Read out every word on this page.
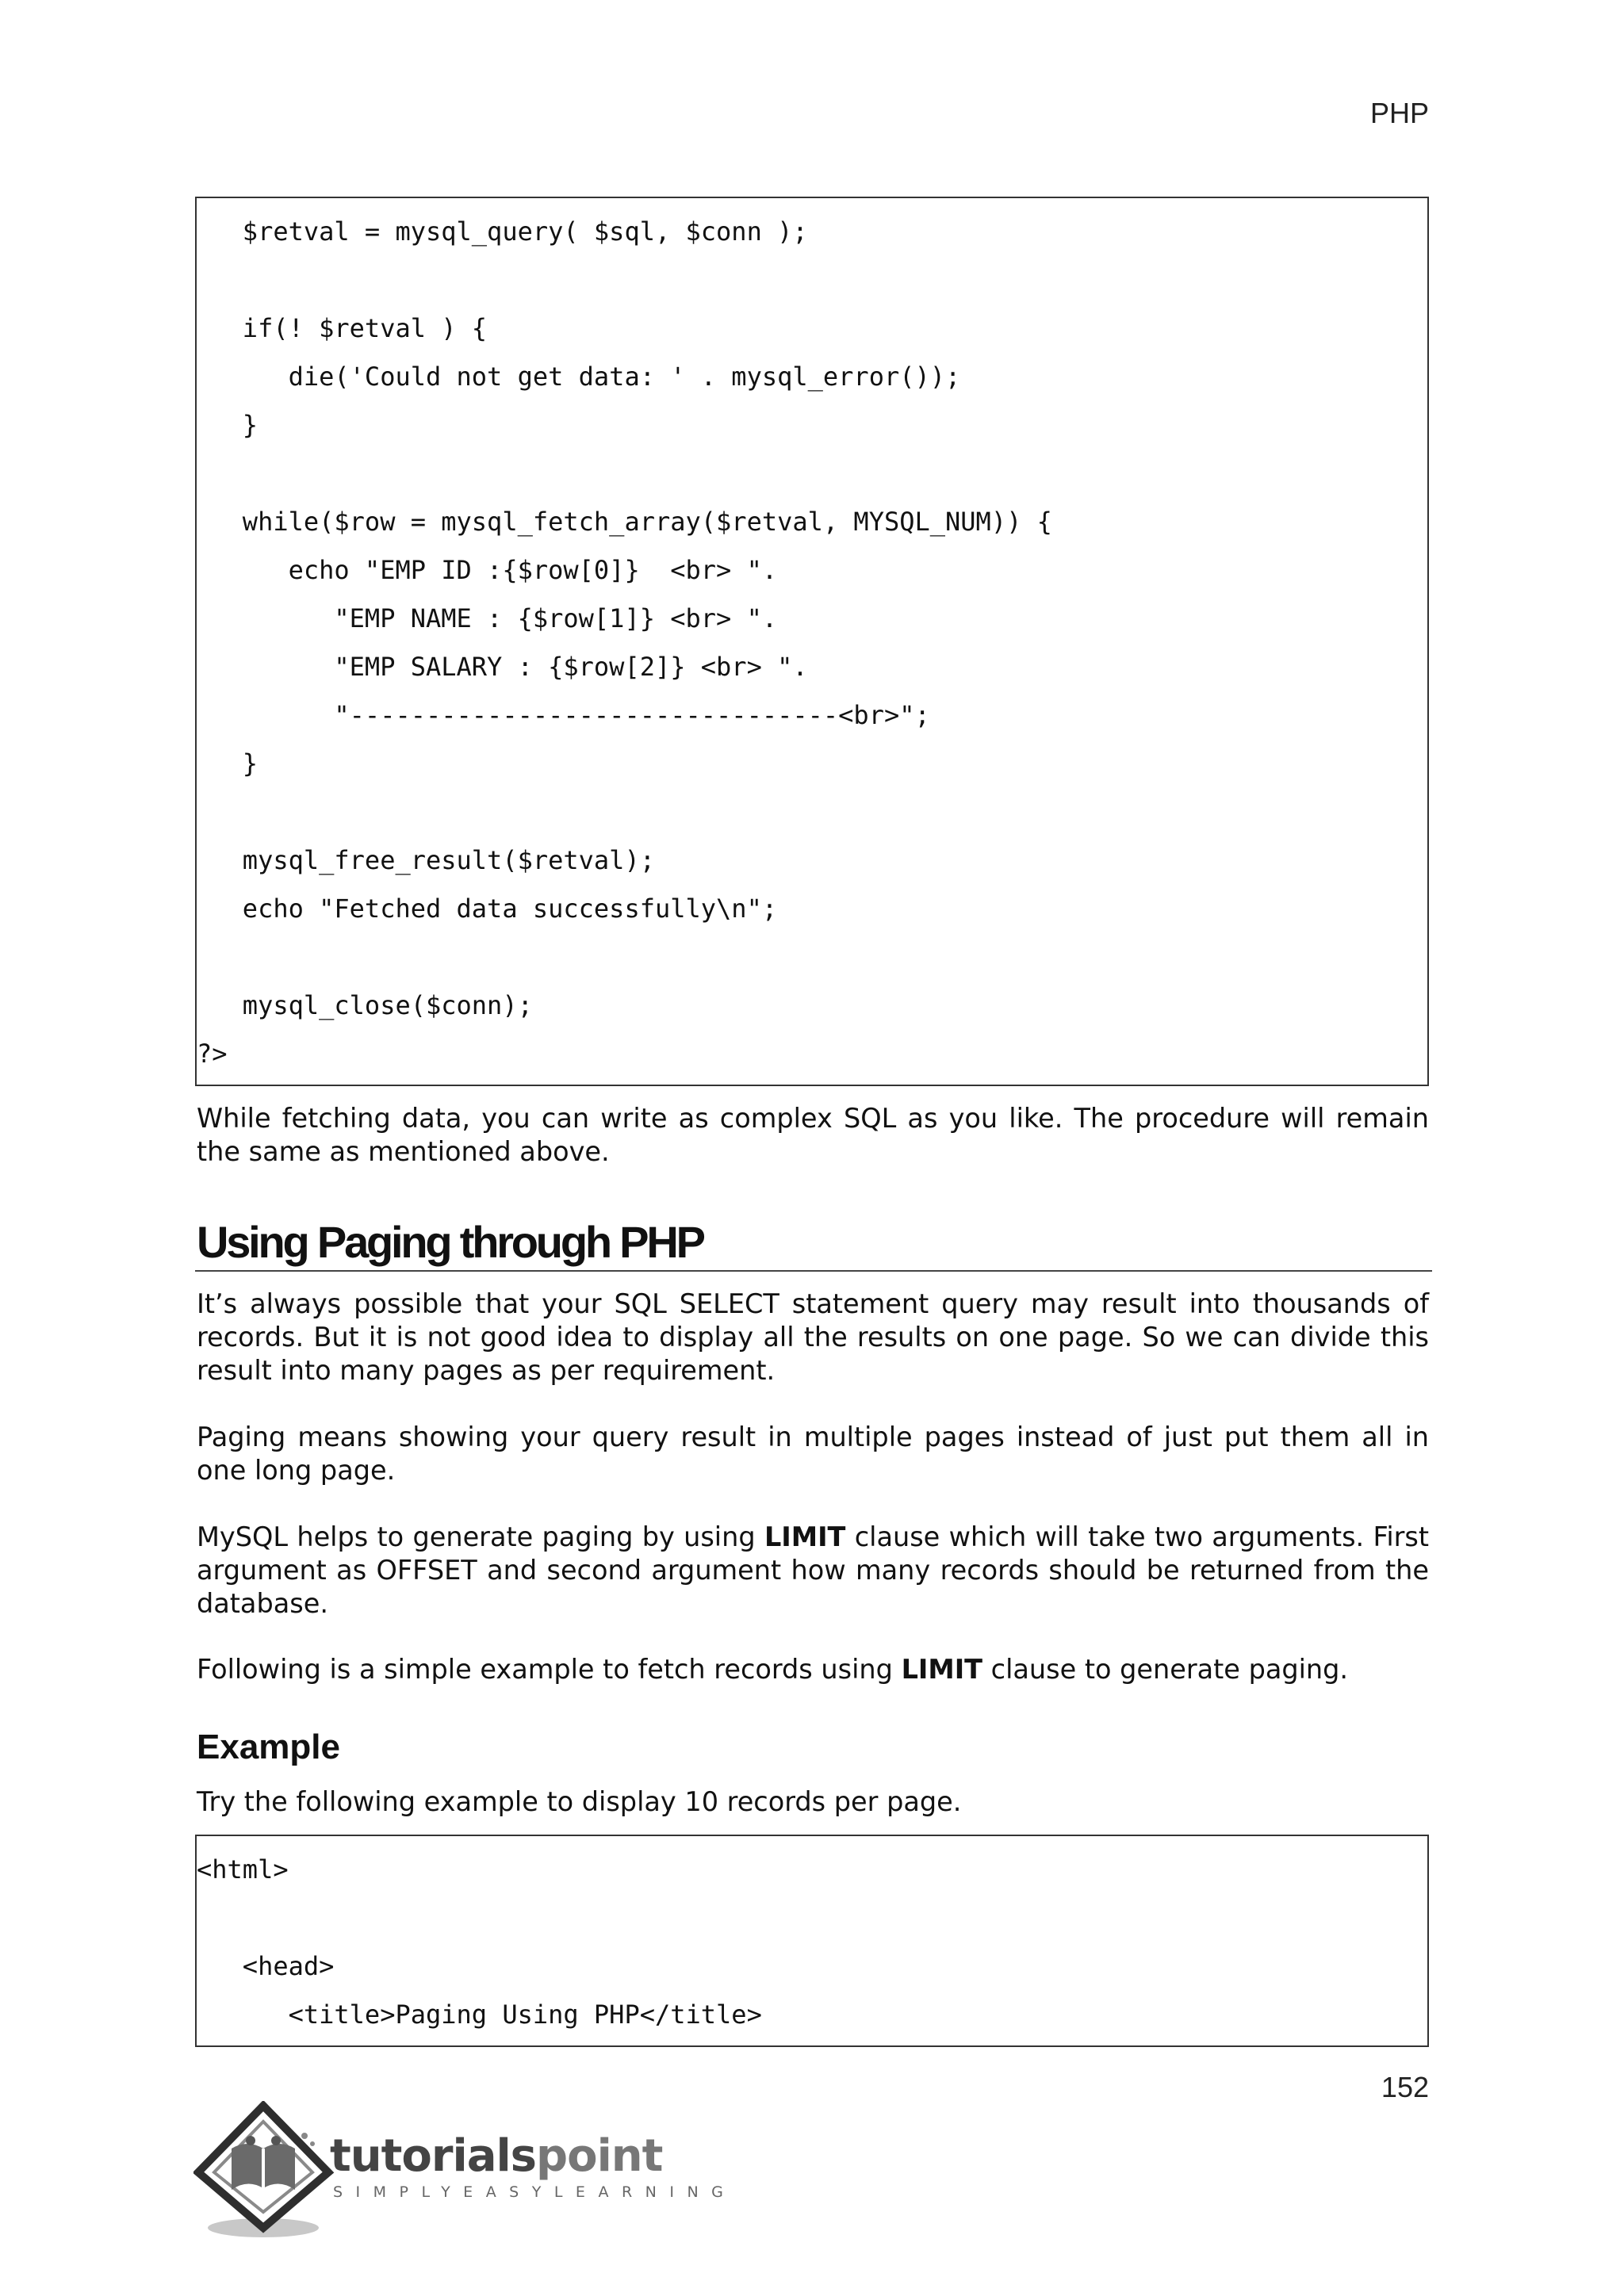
PHP
$retval = mysql_query( $sql, $conn );
if(! $retval ) {
die('Could not get data: ' . mysql_error());
}
while($row = mysql_fetch_array($retval, MYSQL_NUM)) {
echo "EMP ID :{$row[0]}  <br> ".
"EMP NAME : {$row[1]} <br> ".
"EMP SALARY : {$row[2]} <br> ".
"--------------------------------<br>";
}
mysql_free_result($retval);
echo "Fetched data successfully\n";
mysql_close($conn);
?>

While fetching data, you can write as complex SQL as you like. The procedure will remain the same as mentioned above.

Using Paging through PHP

It’s always possible that your SQL SELECT statement query may result into thousands of records. But it is not good idea to display all the results on one page. So we can divide this result into many pages as per requirement.

Paging means showing your query result in multiple pages instead of just put them all in one long page.

MySQL helps to generate paging by using LIMIT clause which will take two arguments. First argument as OFFSET and second argument how many records should be returned from the database.

Following is a simple example to fetch records using LIMIT clause to generate paging.

Example

Try the following example to display 10 records per page.

<html>
<head>
<title>Paging Using PHP</title>
152
tutorialspoint
SIMPLYEASYLEARNING
